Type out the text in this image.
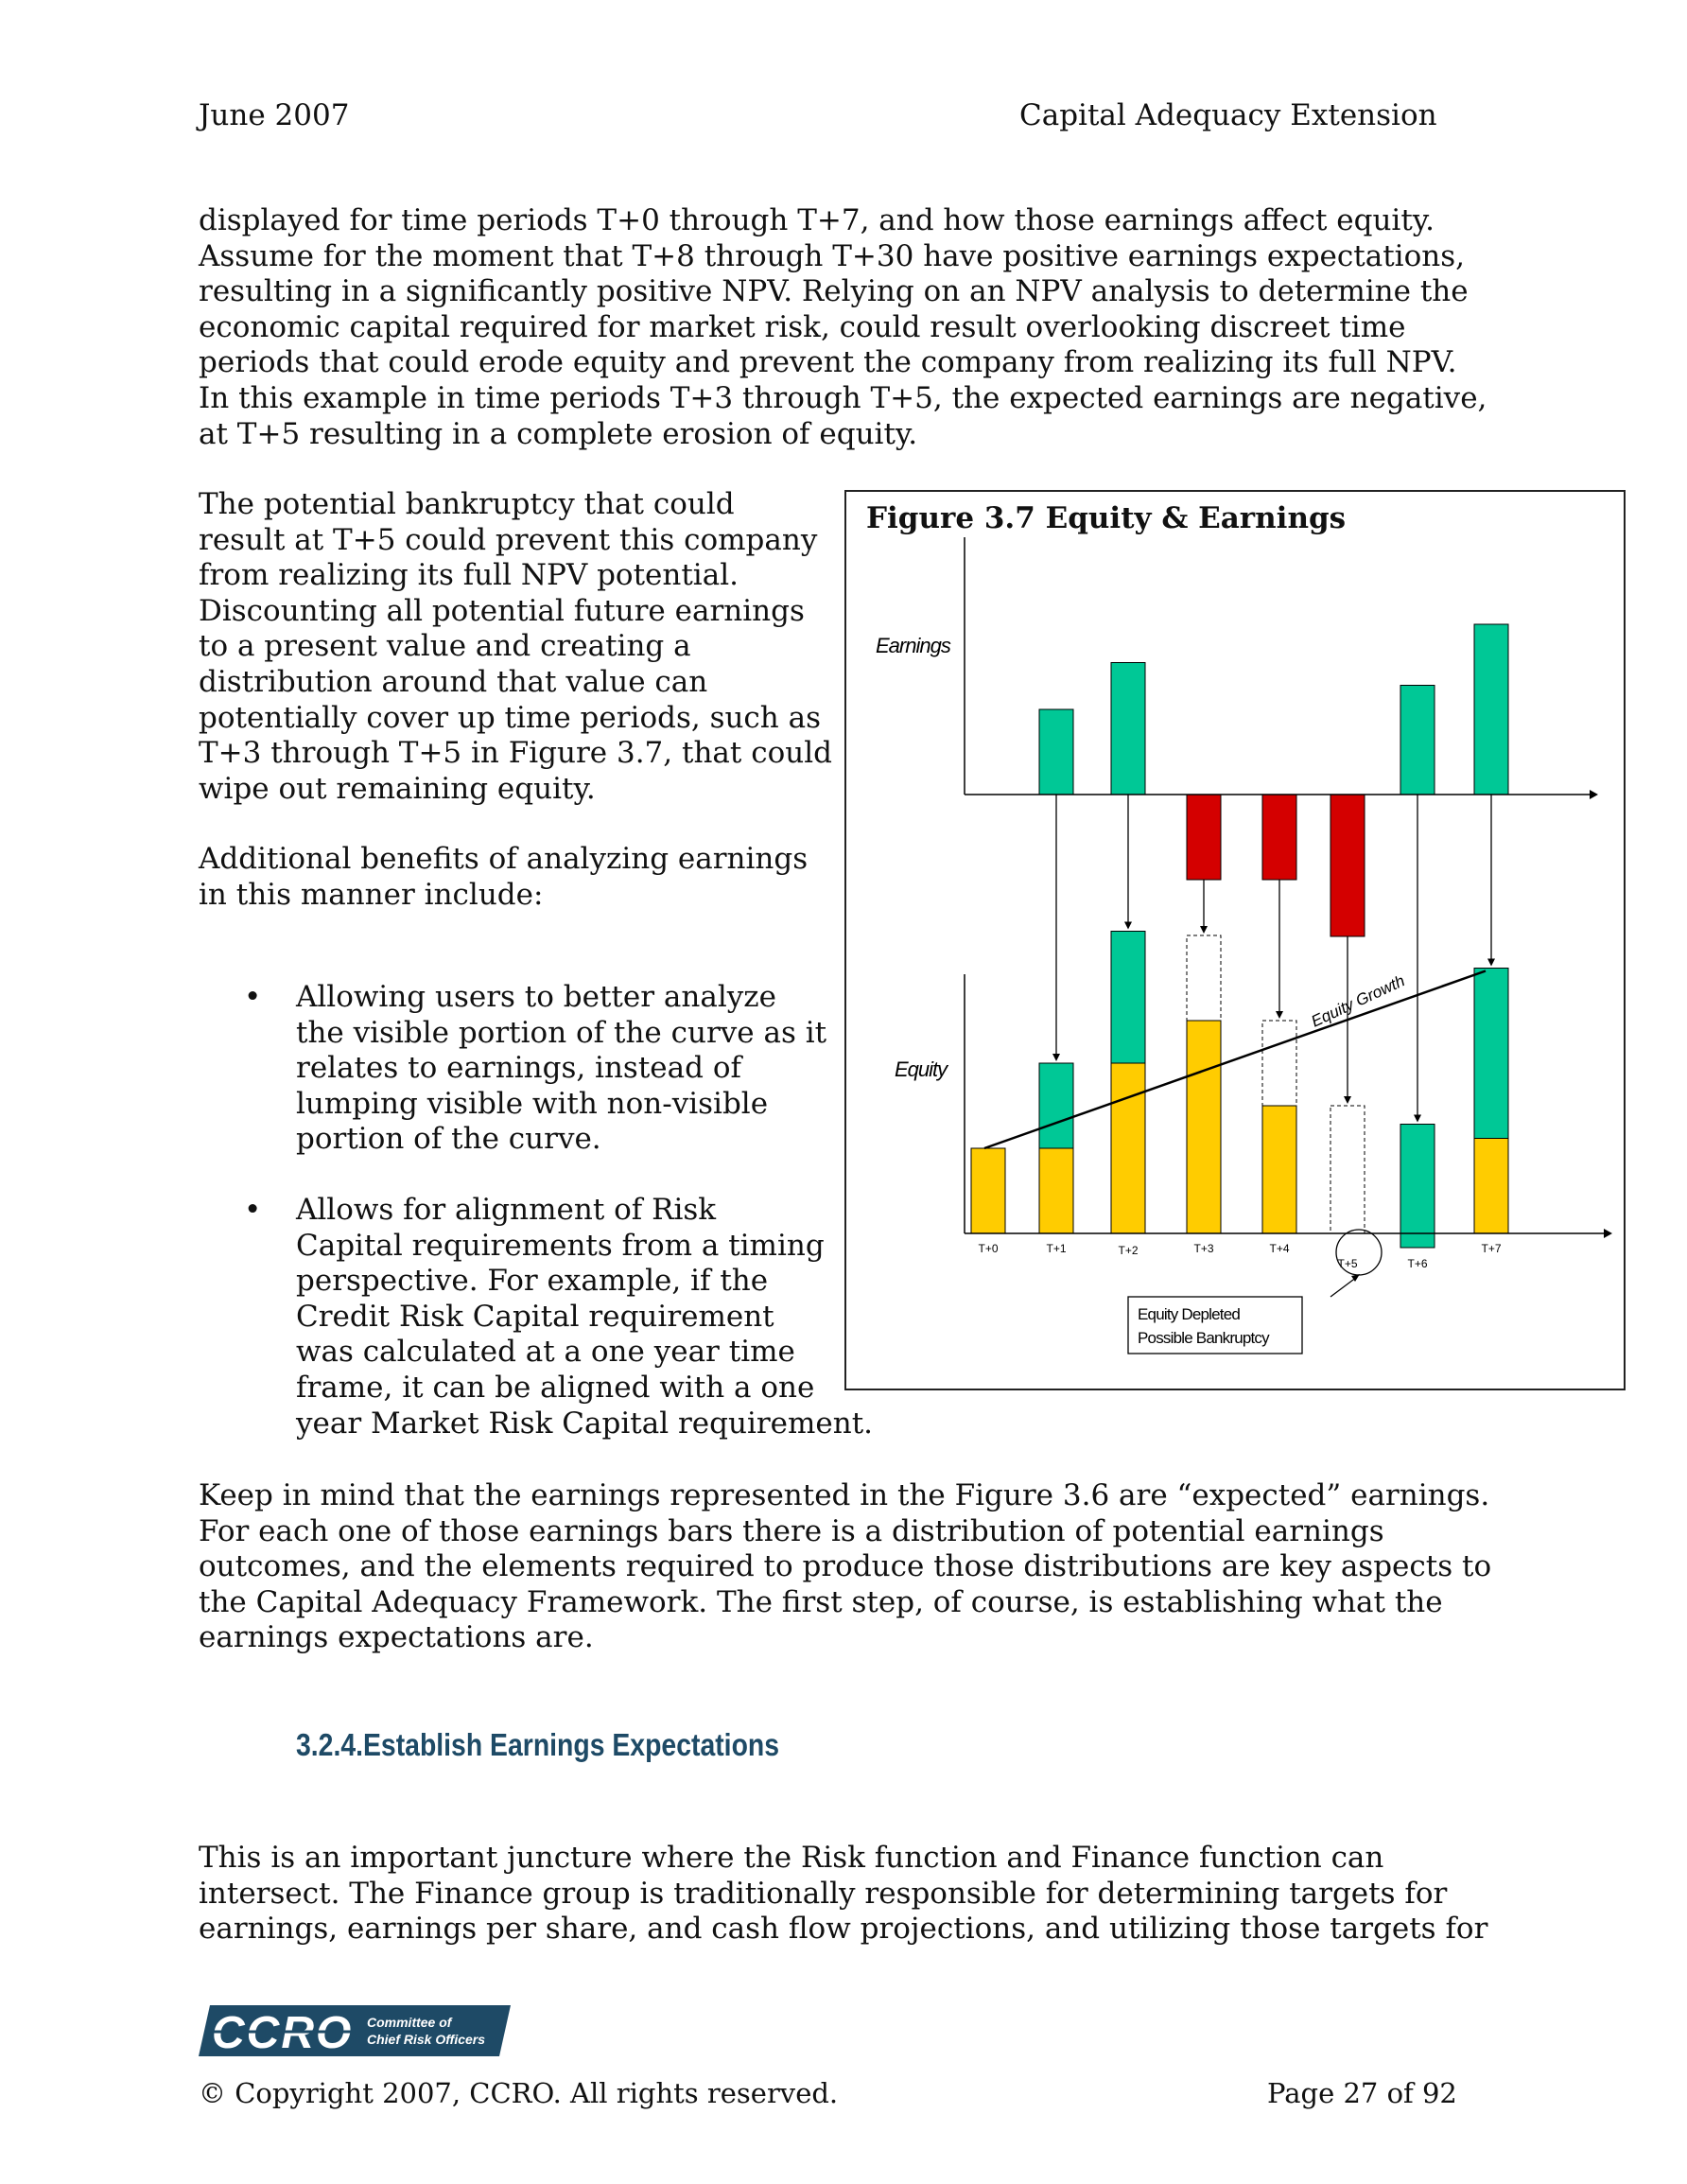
June 2007	Capital Adequacy Extension

displayed for time periods T+0 through T+7, and how those earnings affect equity.
Assume for the moment that T+8 through T+30 have positive earnings expectations,
resulting in a significantly positive NPV. Relying on an NPV analysis to determine the
economic capital required for market risk, could result overlooking discreet time
periods that could erode equity and prevent the company from realizing its full NPV.
In this example in time periods T+3 through T+5, the expected earnings are negative,
at T+5 resulting in a complete erosion of equity.

The potential bankruptcy that could
result at T+5 could prevent this company
from realizing its full NPV potential.
Discounting all potential future earnings
to a present value and creating a
distribution around that value can
potentially cover up time periods, such as
T+3 through T+5 in Figure 3.7, that could
wipe out remaining equity.

Additional benefits of analyzing earnings
in this manner include:

• Allowing users to better analyze
the visible portion of the curve as it
relates to earnings, instead of
lumping visible with non-visible
portion of the curve.
• Allows for alignment of Risk
Capital requirements from a timing
perspective. For example, if the
Credit Risk Capital requirement
was calculated at a one year time
frame, it can be aligned with a one
year Market Risk Capital requirement.
Equity Growth
Earnings
Equity
T+0	T+1	T+2	T+3	T+4
T+5	T+6
T+7
Equity Depleted
Possible Bankruptcy
Figure 3.7 Equity & Earnings

Keep in mind that the earnings represented in the Figure 3.6 are “expected” earnings.
For each one of those earnings bars there is a distribution of potential earnings
outcomes, and the elements required to produce those distributions are key aspects to
the Capital Adequacy Framework. The first step, of course, is establishing what the
earnings expectations are.

3.2.4.Establish Earnings Expectations

This is an important juncture where the Risk function and Finance function can
intersect. The Finance group is traditionally responsible for determining targets for
earnings, earnings per share, and cash flow projections, and utilizing those targets for

CCRO Committee of
Chief Risk Officers
© Copyright 2007, CCRO. All rights reserved.	Page 27 of 92
